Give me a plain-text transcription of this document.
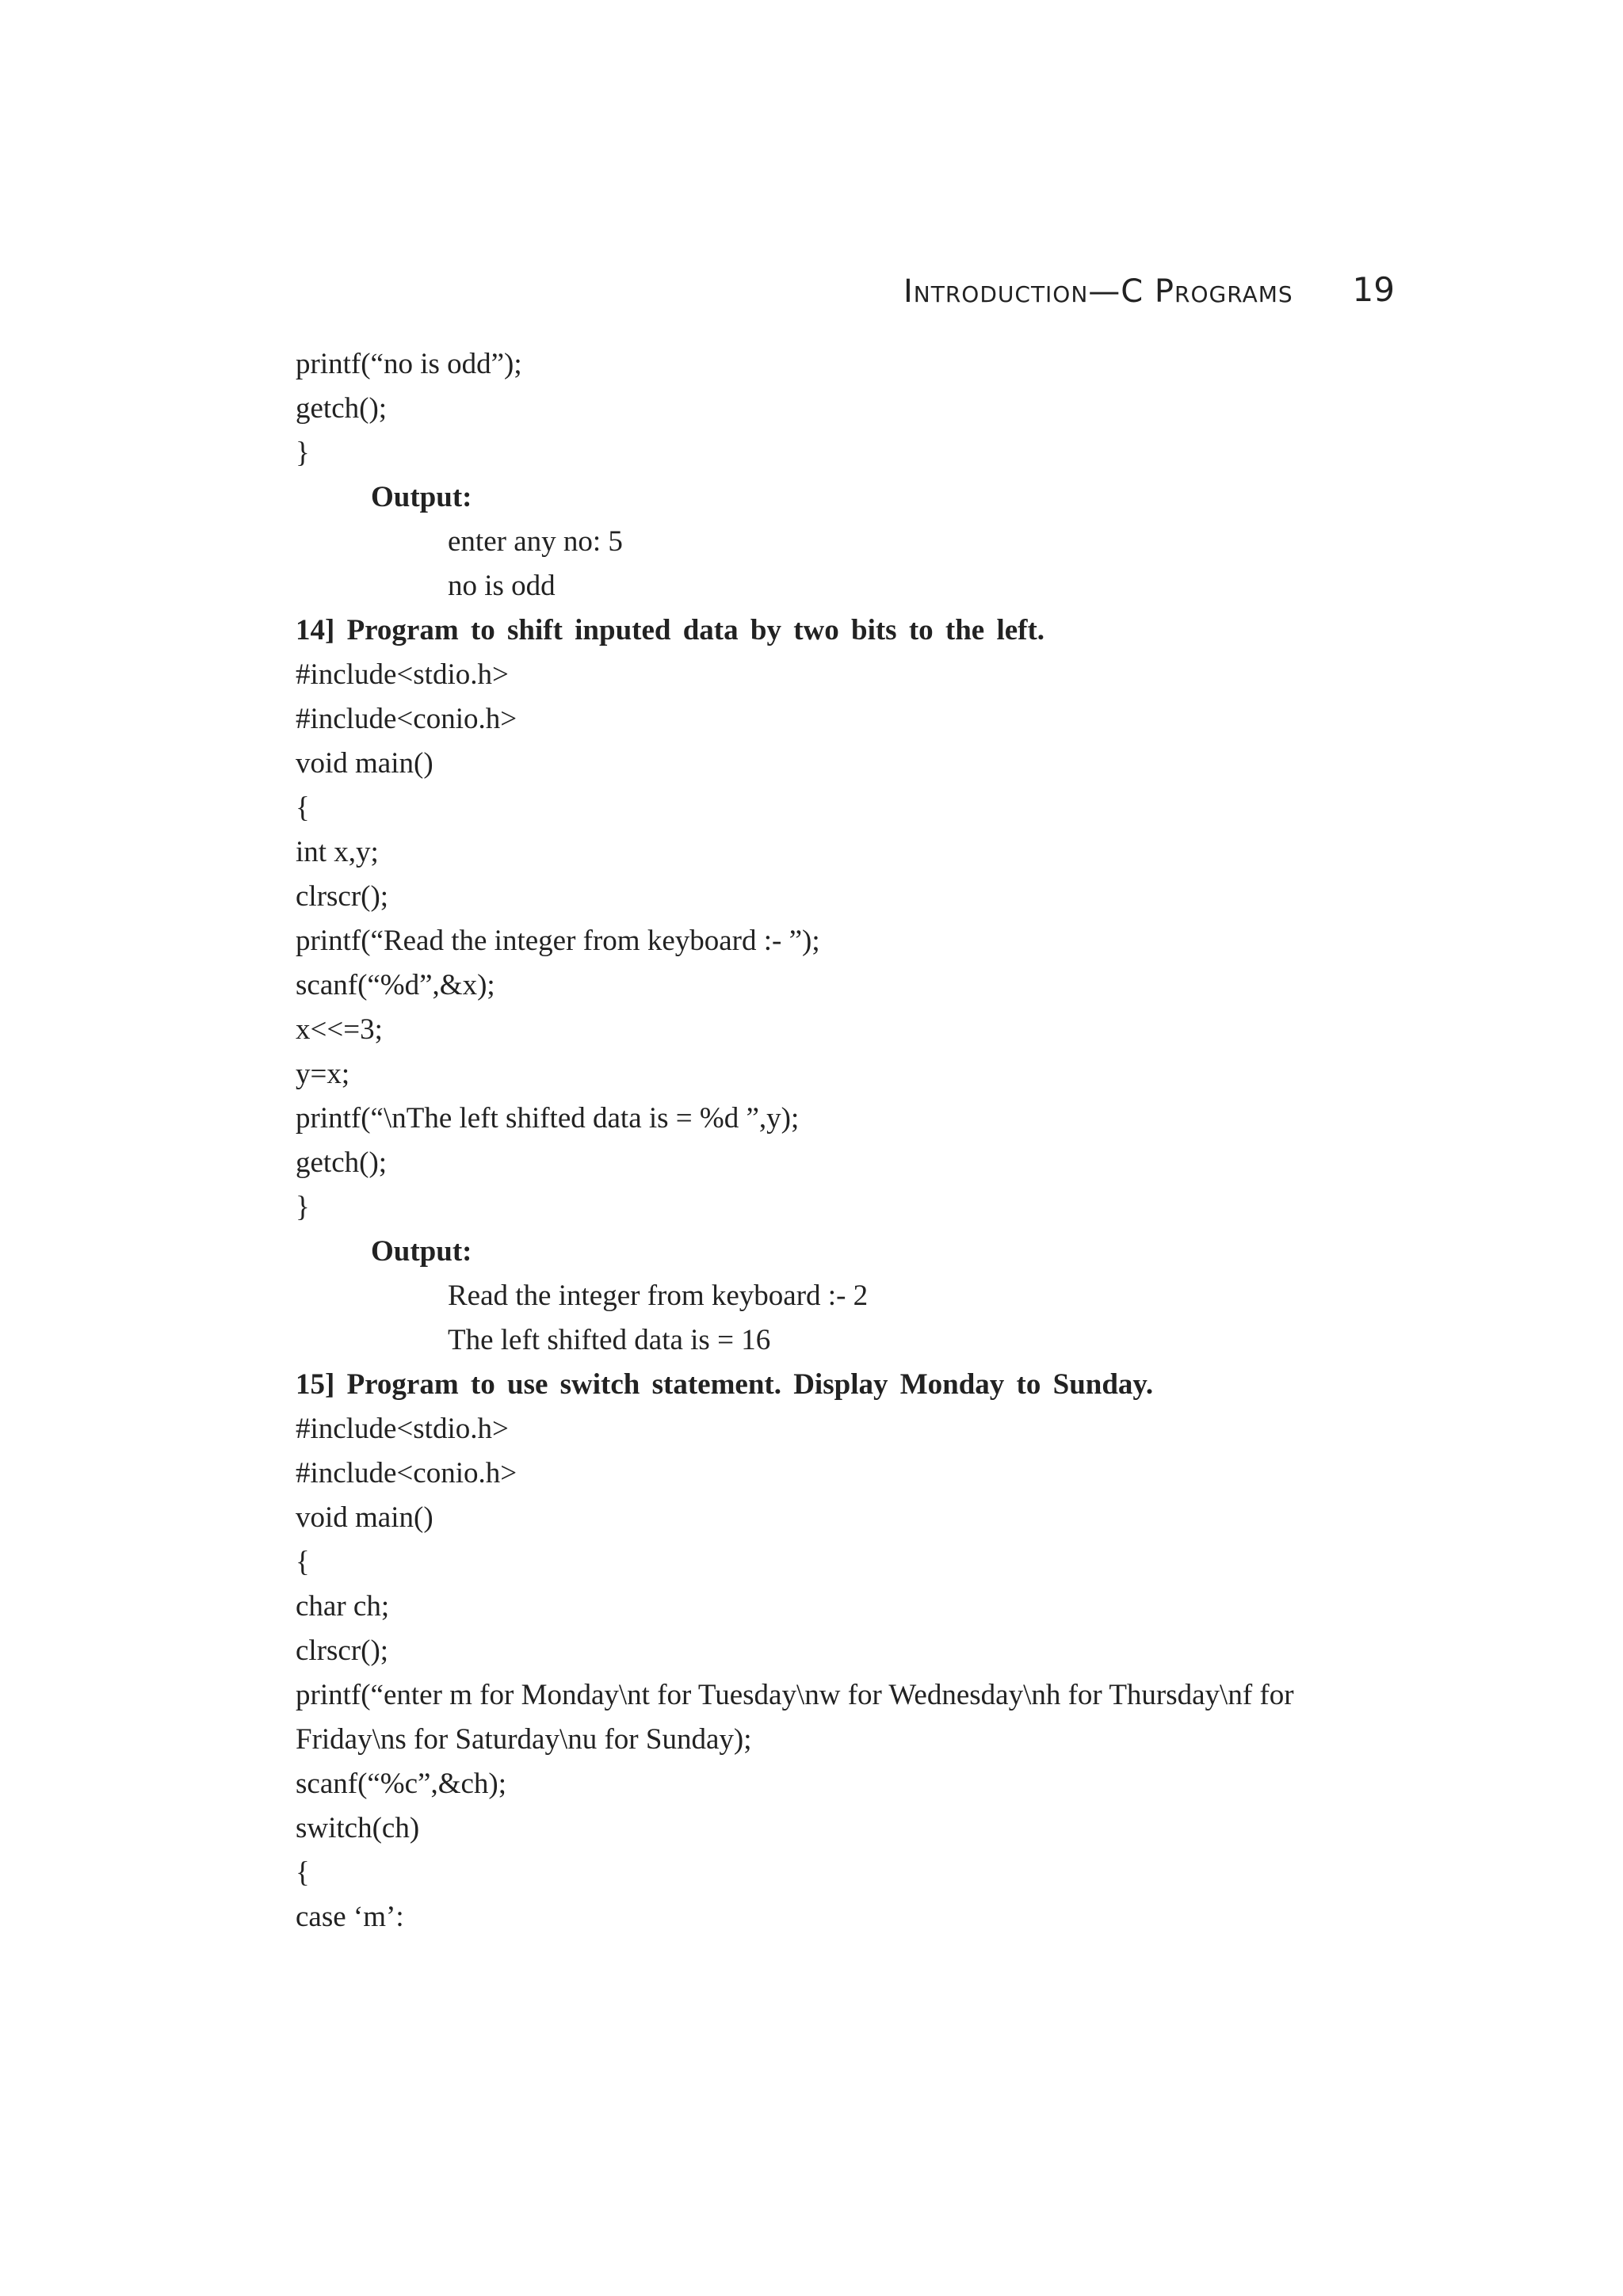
Introduction—C Programs 19
printf(“no is odd”);
getch();
}
Output:
enter any no: 5
no is odd
14] Program to shift inputed data by two bits to the left.
#include<stdio.h>
#include<conio.h>
void main()
{
int x,y;
clrscr();
printf(“Read the integer from keyboard :- ”);
scanf(“%d”,&x);
x<<=3;
y=x;
printf(“\nThe left shifted data is = %d ”,y);
getch();
}
Output:
Read the integer from keyboard :- 2
The left shifted data is = 16
15] Program to use switch statement. Display Monday to Sunday.
#include<stdio.h>
#include<conio.h>
void main()
{
char ch;
clrscr();
printf(“enter m for Monday\nt for Tuesday\nw for Wednesday\nh for Thursday\nf for Friday\ns for Saturday\nu for Sunday);
scanf(“%c”,&ch);
switch(ch)
{
case ‘m’:
